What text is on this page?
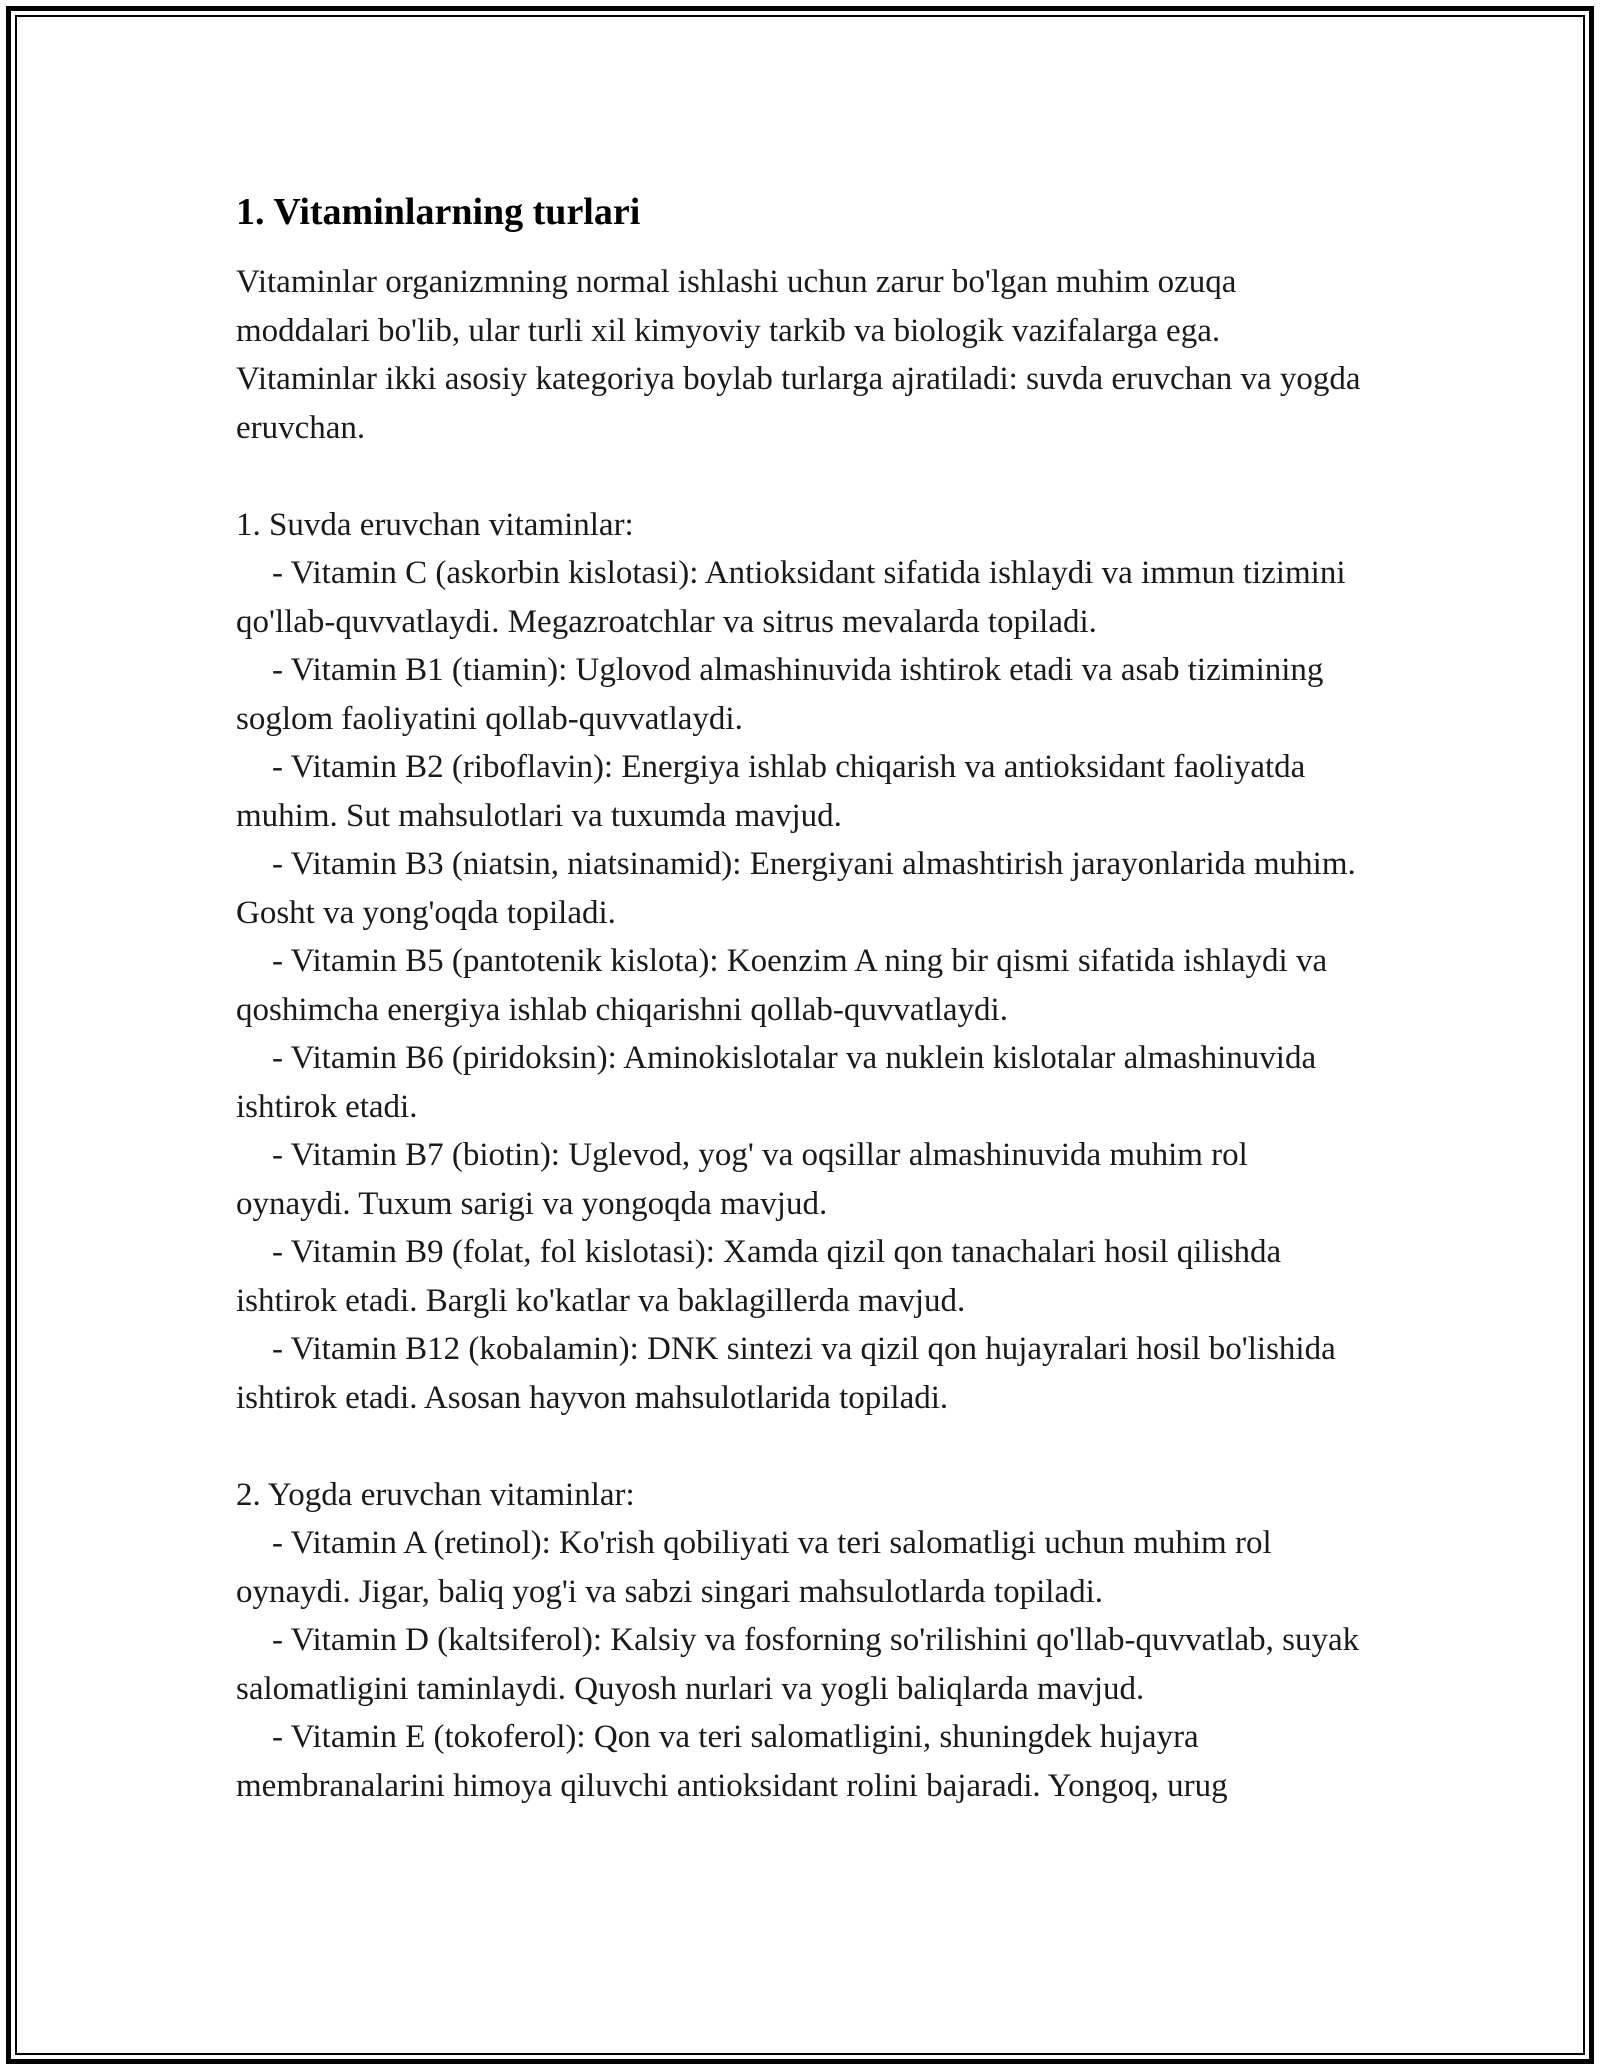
1. Vitaminlarning turlari

Vitaminlar organizmning normal ishlashi uchun zarur bo'lgan muhim ozuqa moddalari bo'lib, ular turli xil kimyoviy tarkib va biologik vazifalarga ega. Vitaminlar ikki asosiy kategoriya boylab turlarga ajratiladi: suvda eruvchan va yogda eruvchan.

1. Suvda eruvchan vitaminlar:

- Vitamin C (askorbin kislotasi): Antioksidant sifatida ishlaydi va immun tizimini qo'llab-quvvatlaydi. Megazroatchlar va sitrus mevalarda topiladi.

- Vitamin B1 (tiamin): Uglovod almashinuvida ishtirok etadi va asab tizimining soglom faoliyatini qollab-quvvatlaydi.

- Vitamin B2 (riboflavin): Energiya ishlab chiqarish va antioksidant faoliyatda muhim. Sut mahsulotlari va tuxumda mavjud.

- Vitamin B3 (niatsin, niatsinamid): Energiyani almashtirish jarayonlarida muhim. Gosht va yong'oqda topiladi.

- Vitamin B5 (pantotenik kislota): Koenzim A ning bir qismi sifatida ishlaydi va qoshimcha energiya ishlab chiqarishni qollab-quvvatlaydi.

- Vitamin B6 (piridoksin): Aminokislotalar va nuklein kislotalar almashinuvida ishtirok etadi.

- Vitamin B7 (biotin): Uglevod, yog' va oqsillar almashinuvida muhim rol oynaydi. Tuxum sarigi va yongoqda mavjud.

- Vitamin B9 (folat, fol kislotasi): Xamda qizil qon tanachalari hosil qilishda ishtirok etadi. Bargli ko'katlar va baklagillerda mavjud.

- Vitamin B12 (kobalamin): DNK sintezi va qizil qon hujayralari hosil bo'lishida ishtirok etadi. Asosan hayvon mahsulotlarida topiladi.

2. Yogda eruvchan vitaminlar:

- Vitamin A (retinol): Ko'rish qobiliyati va teri salomatligi uchun muhim rol oynaydi. Jigar, baliq yog'i va sabzi singari mahsulotlarda topiladi.

- Vitamin D (kaltsiferol): Kalsiy va fosforning so'rilishini qo'llab-quvvatlab, suyak salomatligini taminlaydi. Quyosh nurlari va yogli baliqlarda mavjud.

- Vitamin E (tokoferol): Qon va teri salomatligini, shuningdek hujayra membranalarini himoya qiluvchi antioksidant rolini bajaradi. Yongoq, urug
